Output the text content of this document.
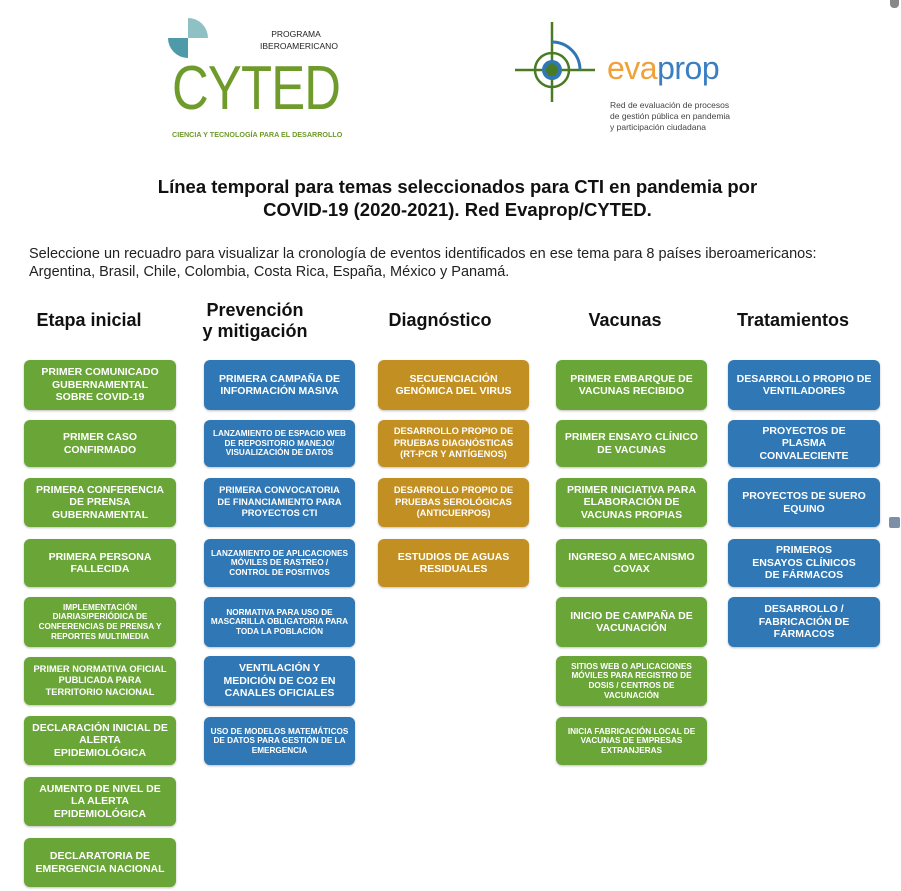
PROGRAMA
IBEROAMERICANO
CYTED
CIENCIA Y TECNOLOGÍA PARA EL DESARROLLO
evaprop
Red de evaluación de procesos
de gestión pública en pandemia
y participación ciudadana
Línea temporal para temas seleccionados para CTI en pandemia por
COVID-19 (2020-2021). Red Evaprop/CYTED.
Seleccione un recuadro para visualizar la cronología de eventos identificados en ese tema para 8 países iberoamericanos:
Argentina, Brasil, Chile, Colombia, Costa Rica, España, México y Panamá.
Etapa inicial	Prevención
y mitigación
Diagnóstico	Vacunas	Tratamientos
PRIMER COMUNICADO GUBERNAMENTAL SOBRE COVID-19
PRIMER CASO CONFIRMADO
PRIMERA CONFERENCIA DE PRENSA GUBERNAMENTAL
PRIMERA PERSONA FALLECIDA
IMPLEMENTACIÓN DIARIAS/PERIÓDICA DE CONFERENCIAS DE PRENSA Y REPORTES MULTIMEDIA
PRIMER NORMATIVA OFICIAL PUBLICADA PARA TERRITORIO NACIONAL
DECLARACIÓN INICIAL DE ALERTA EPIDEMIOLÓGICA
AUMENTO DE NIVEL DE LA ALERTA EPIDEMIOLÓGICA
DECLARATORIA DE EMERGENCIA NACIONAL
PRIMERA CAMPAÑA DE INFORMACIÓN MASIVA
LANZAMIENTO DE ESPACIO WEB DE REPOSITORIO MANEJO/ VISUALIZACIÓN DE DATOS
PRIMERA CONVOCATORIA DE FINANCIAMIENTO PARA PROYECTOS CTI
LANZAMIENTO DE APLICACIONES MÓVILES DE RASTREO / CONTROL DE POSITIVOS
NORMATIVA PARA USO DE MASCARILLA OBLIGATORIA PARA TODA LA POBLACIÓN
VENTILACIÓN Y MEDICIÓN DE CO2 EN CANALES OFICIALES
USO DE MODELOS MATEMÁTICOS DE DATOS PARA GESTIÓN DE LA EMERGENCIA
SECUENCIACIÓN GENÓMICA DEL VIRUS
DESARROLLO PROPIO DE PRUEBAS DIAGNÓSTICAS (RT-PCR Y ANTÍGENOS)
DESARROLLO PROPIO DE PRUEBAS SEROLÓGICAS (ANTICUERPOS)
ESTUDIOS DE AGUAS RESIDUALES
PRIMER EMBARQUE DE VACUNAS RECIBIDO
PRIMER ENSAYO CLÍNICO DE VACUNAS
PRIMER INICIATIVA PARA ELABORACIÓN DE VACUNAS PROPIAS
INGRESO A MECANISMO COVAX
INICIO DE CAMPAÑA DE VACUNACIÓN
SITIOS WEB O APLICACIONES MÓVILES PARA REGISTRO DE DOSIS / CENTROS DE VACUNACIÓN
INICIA FABRICACIÓN LOCAL DE VACUNAS DE EMPRESAS EXTRANJERAS
DESARROLLO PROPIO DE VENTILADORES
PROYECTOS DE PLASMA CONVALECIENTE
PROYECTOS DE SUERO EQUINO
PRIMEROS ENSAYOS CLÍNICOS DE FÁRMACOS
DESARROLLO / FABRICACIÓN DE FÁRMACOS
